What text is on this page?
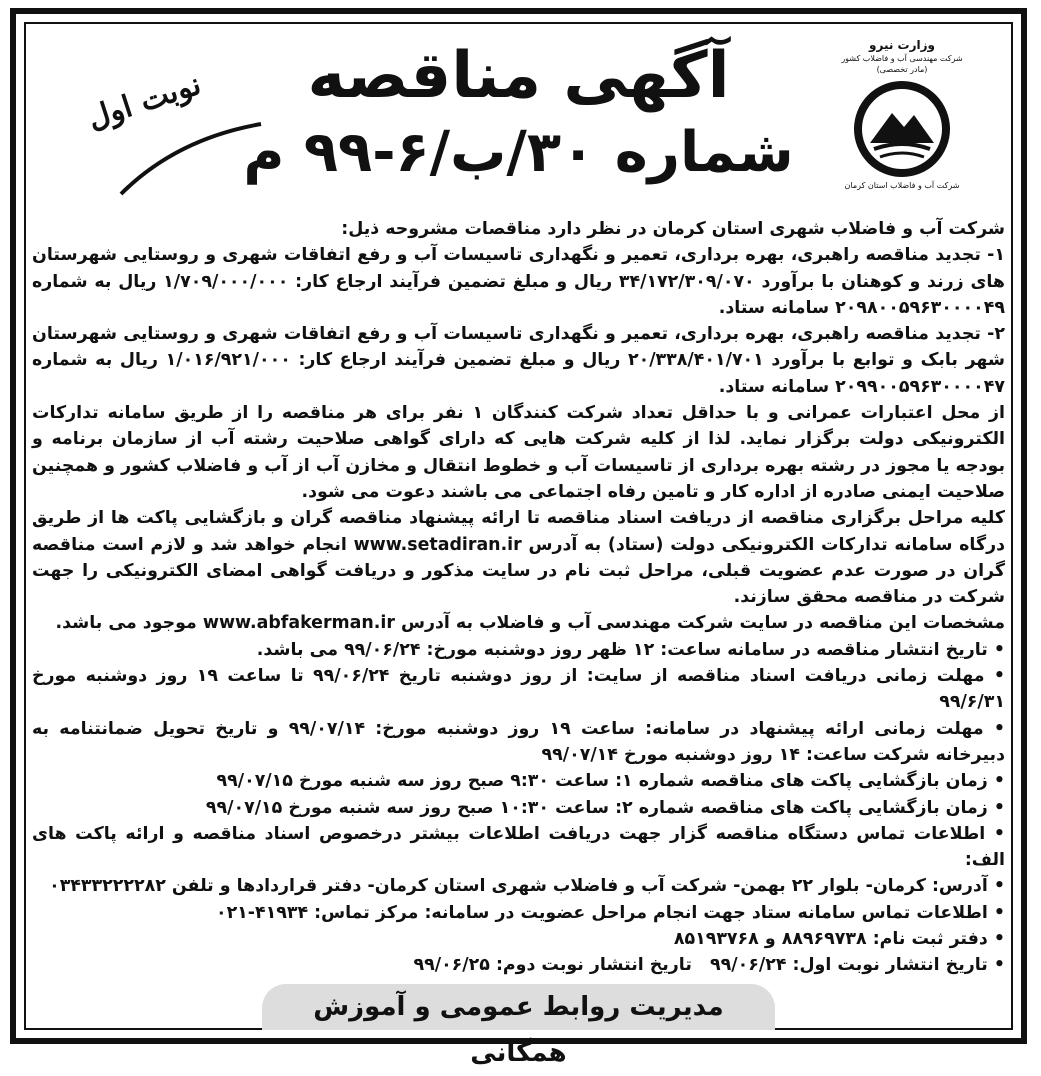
نوبت اول	آگهی مناقصه
شماره ۳۰/ب/۶-۹۹ م
وزارت نیرو
شرکت مهندسی آب و فاضلاب کشور
(مادر تخصصی)
شرکت آب و فاضلاب استان کرمان

شرکت آب و فاضلاب شهری استان کرمان در نظر دارد مناقصات مشروحه ذیل:

۱- تجدید مناقصه راهبری، بهره برداری، تعمیر و نگهداری تاسیسات آب و رفع اتفاقات شهری و روستایی شهرستان های زرند و کوهنان با برآورد ۳۴/۱۷۲/۳۰۹/۰۷۰ ریال و مبلغ تضمین فرآیند ارجاع کار: ۱/۷۰۹/۰۰۰/۰۰۰ ریال به شماره ۲۰۹۸۰۰۵۹۶۳۰۰۰۰۴۹ سامانه ستاد.

۲- تجدید مناقصه راهبری، بهره برداری، تعمیر و نگهداری تاسیسات آب و رفع اتفاقات شهری و روستایی شهرستان شهر بابک و توابع با برآورد ۲۰/۳۳۸/۴۰۱/۷۰۱ ریال و مبلغ تضمین فرآیند ارجاع کار: ۱/۰۱۶/۹۲۱/۰۰۰ ریال به شماره ۲۰۹۹۰۰۵۹۶۳۰۰۰۰۴۷ سامانه ستاد.

از محل اعتبارات عمرانی و با حداقل تعداد شرکت کنندگان ۱ نفر برای هر مناقصه را از طریق سامانه تدارکات الکترونیکی دولت برگزار نماید. لذا از کلیه شرکت هایی که دارای گواهی صلاحیت رشته آب از سازمان برنامه و بودجه یا مجوز در رشته بهره برداری از تاسیسات آب و خطوط انتقال و مخازن آب از آب و فاضلاب کشور و همچنین صلاحیت ایمنی صادره از اداره کار و تامین رفاه اجتماعی می باشند دعوت می شود.

کلیه مراحل برگزاری مناقصه از دریافت اسناد مناقصه تا ارائه پیشنهاد مناقصه گران و بازگشایی پاکت ها از طریق درگاه سامانه تدارکات الکترونیکی دولت (ستاد) به آدرس www.setadiran.ir انجام خواهد شد و لازم است مناقصه گران در صورت عدم عضویت قبلی، مراحل ثبت نام در سایت مذکور و دریافت گواهی امضای الکترونیکی را جهت شرکت در مناقصه محقق سازند.

مشخصات این مناقصه در سایت شرکت مهندسی آب و فاضلاب به آدرس www.abfakerman.ir موجود می باشد.

• تاریخ انتشار مناقصه در سامانه ساعت: ۱۲ ظهر روز دوشنبه مورخ: ۹۹/۰۶/۲۴ می باشد.

• مهلت زمانی دریافت اسناد مناقصه از سایت: از روز دوشنبه تاریخ ۹۹/۰۶/۲۴ تا ساعت ۱۹ روز دوشنبه مورخ ۹۹/۶/۳۱

• مهلت زمانی ارائه پیشنهاد در سامانه: ساعت ۱۹ روز دوشنبه مورخ: ۹۹/۰۷/۱۴ و تاریخ تحویل ضمانتنامه به دبیرخانه شرکت ساعت: ۱۴ روز دوشنبه مورخ ۹۹/۰۷/۱۴

• زمان بازگشایی پاکت های مناقصه شماره ۱: ساعت ۹:۳۰ صبح روز سه شنبه مورخ ۹۹/۰۷/۱۵

• زمان بازگشایی پاکت های مناقصه شماره ۲: ساعت ۱۰:۳۰ صبح روز سه شنبه مورخ ۹۹/۰۷/۱۵

• اطلاعات تماس دستگاه مناقصه گزار جهت دریافت اطلاعات بیشتر درخصوص اسناد مناقصه و ارائه پاکت های الف:

• آدرس: کرمان- بلوار ۲۲ بهمن- شرکت آب و فاضلاب شهری استان کرمان- دفتر قراردادها و تلفن ۰۳۴۳۳۲۲۲۲۸۲

• اطلاعات تماس سامانه ستاد جهت انجام مراحل عضویت در سامانه: مرکز تماس: ۴۱۹۳۴-۰۲۱

• دفتر ثبت نام: ۸۸۹۶۹۷۳۸ و ۸۵۱۹۳۷۶۸

• تاریخ انتشار نوبت اول: ۹۹/۰۶/۲۴   تاریخ انتشار نوبت دوم: ۹۹/۰۶/۲۵

مدیریت روابط عمومی و آموزش همگانی
